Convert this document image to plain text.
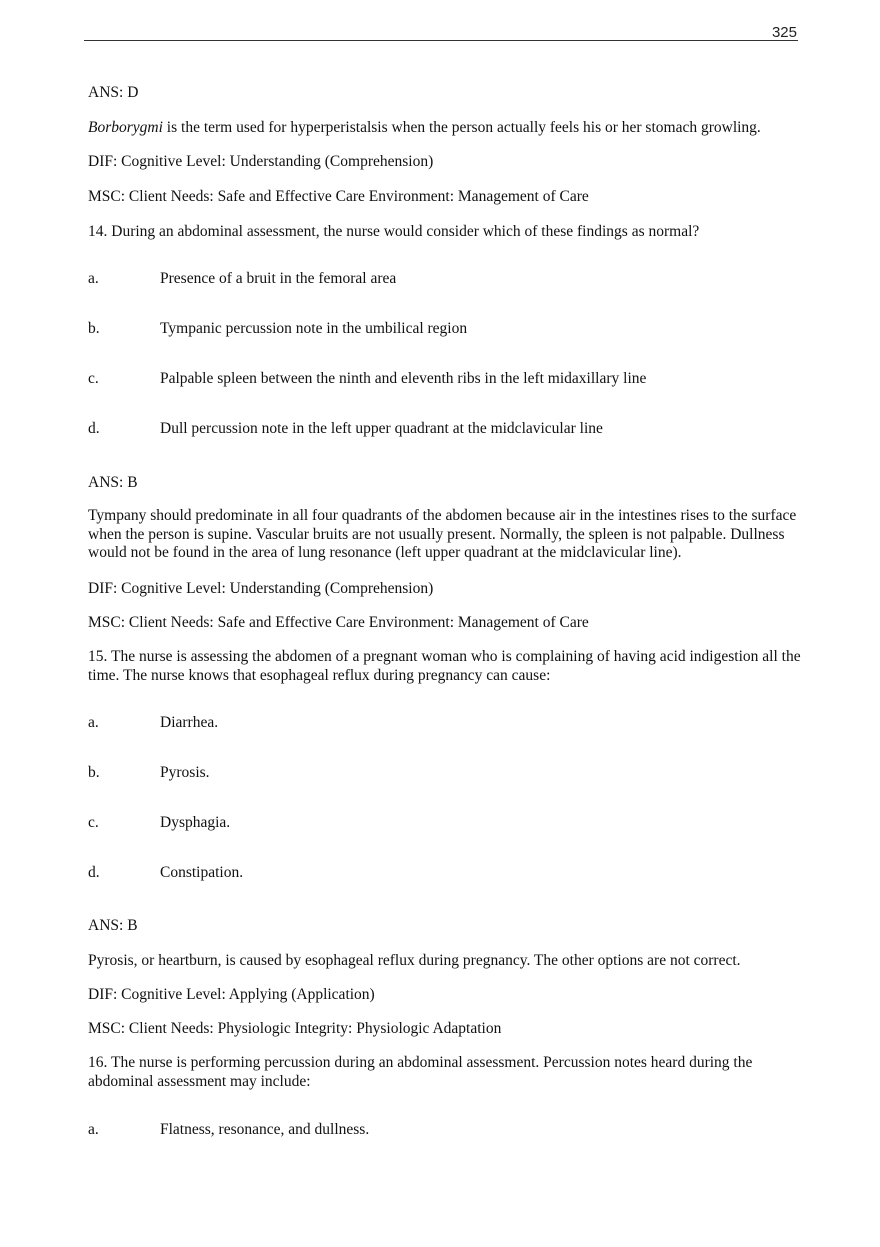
325
ANS: D
Borborygmi is the term used for hyperperistalsis when the person actually feels his or her stomach growling.
DIF: Cognitive Level: Understanding (Comprehension)
MSC: Client Needs: Safe and Effective Care Environment: Management of Care
14. During an abdominal assessment, the nurse would consider which of these findings as normal?
a.	Presence of a bruit in the femoral area
b.	Tympanic percussion note in the umbilical region
c.	Palpable spleen between the ninth and eleventh ribs in the left midaxillary line
d.	Dull percussion note in the left upper quadrant at the midclavicular line
ANS: B
Tympany should predominate in all four quadrants of the abdomen because air in the intestines rises to the surface when the person is supine. Vascular bruits are not usually present. Normally, the spleen is not palpable. Dullness would not be found in the area of lung resonance (left upper quadrant at the midclavicular line).
DIF: Cognitive Level: Understanding (Comprehension)
MSC: Client Needs: Safe and Effective Care Environment: Management of Care
15. The nurse is assessing the abdomen of a pregnant woman who is complaining of having acid indigestion all the time. The nurse knows that esophageal reflux during pregnancy can cause:
a.	Diarrhea.
b.	Pyrosis.
c.	Dysphagia.
d.	Constipation.
ANS: B
Pyrosis, or heartburn, is caused by esophageal reflux during pregnancy. The other options are not correct.
DIF: Cognitive Level: Applying (Application)
MSC: Client Needs: Physiologic Integrity: Physiologic Adaptation
16. The nurse is performing percussion during an abdominal assessment. Percussion notes heard during the abdominal assessment may include:
a.	Flatness, resonance, and dullness.
